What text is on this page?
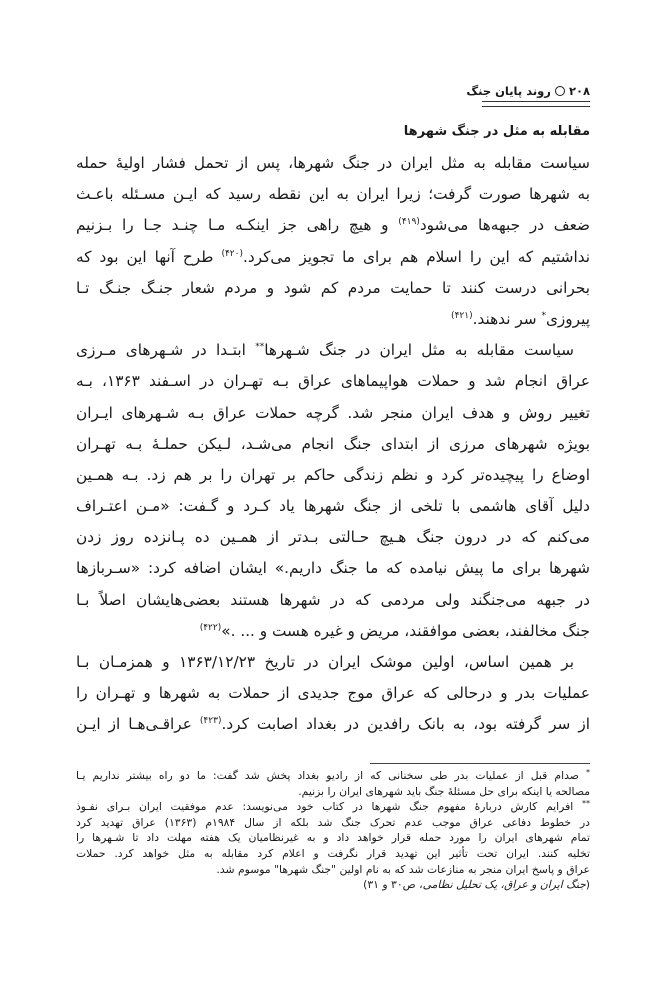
۲۰۸
روند پایان جنگ
مقابله به مثل در جنگ شهرها
سیاست مقابله به مثل ایران در جنگ شهرها، پس از تحمل فشار اولیهٔ حمله
به شهرها صورت گرفت؛ زیرا ایران به این نقطه رسید که ایـن مسـئله باعـث
ضعف در جبهه‌ها می‌شود$^{(۴۱۹)}$ و هیچ راهی جز اینکـه مـا چنـد جـا را بـزنیم
نداشتیم که این را اسلام هم برای ما تجویز می‌کرد.$^{(۴۲۰)}$ طرح آنها این بود که
بحرانی درست کنند تا حمایت مردم کم شود و مردم شعار جنـگ جنـگ تـا
پیروزی* سر ندهند.$^{(۴۲۱)}$
سیاست مقابله به مثل ایران در جنگ شـهرها** ابتـدا در شـهرهای مـرزی
عراق انجام شد و حملات هواپیماهای عراق بـه تهـران در اسـفند ۱۳۶۳، بـه
تغییر روش و هدف ایران منجر شد. گرچه حملات عراق بـه شـهرهای ایـران
بویژه شهرهای مرزی از ابتدای جنگ انجام می‌شـد، لـیکن حملـهٔ بـه تهـران
اوضاع را پیچیده‌تر کرد و نظم زندگی حاکم بر تهران را بر هم زد. بـه همـین
دلیل آقای هاشمی با تلخی از جنگ شهرها یاد کـرد و گـفت: «مـن اعتـراف
می‌کنم که در درون جنگ هـیچ حـالتی بـدتر از همـین ده پـانزده روز زدن
شهرها برای ما پیش نیامده که ما جنگ داریم.» ایشان اضافه کرد: «سـربازها
در جبهه می‌جنگند ولی مردمی که در شهرها هستند بعضی‌هایشان اصلاً بـا
جنگ مخالفند، بعضی موافقند، مریض و غیره هست و ... .»$^{(۴۲۲)}$
بر همین اساس، اولین موشک ایران در تاریخ ۱۳۶۳/۱۲/۲۳ و همزمـان بـا
عملیات بدر و درحالی که عراق موج جدیدی از حملات به شهرها و تهـران را
از سر گرفته بود، به بانک رافدین در بغداد اصابت کرد.$^{(۴۲۳)}$ عراقـی‌هـا از ایـن
* صدام قبل از عملیات بدر طی سخنانی که از رادیو بغداد پخش شد گفت: ما دو راه بیشتر نداریم یـا
مصالحه یا اینکه برای حل مسئلهٔ جنگ باید شهرهای ایران را بزنیم.
** افرایم کارش دربارهٔ مفهوم جنگ شهرها در کتاب خود می‌نویسد: عدم موفقیت ایران بـرای نفـوذ
در خطوط دفاعی عراق موجب عدم تحرک جنگ شد بلکه از سال ۱۹۸۴م (۱۳۶۳) عراق تهدید کرد
تمام شهرهای ایران را مورد حمله قرار خواهد داد و به غیرنظامیان یک هفته مهلت داد تا شـهرها را
تخلیه کنند. ایران تحت تأثیر این تهدید قرار نگرفت و اعلام کرد مقابله به مثل خواهد کرد. حملات
عراق و پاسخ ایران منجر به منازعات شد که به نام اولین "جنگ شهرها" موسوم شد.
(جنگ ایران و عراق، یک تحلیل نظامی، ص۳۰ و ۳۱)
